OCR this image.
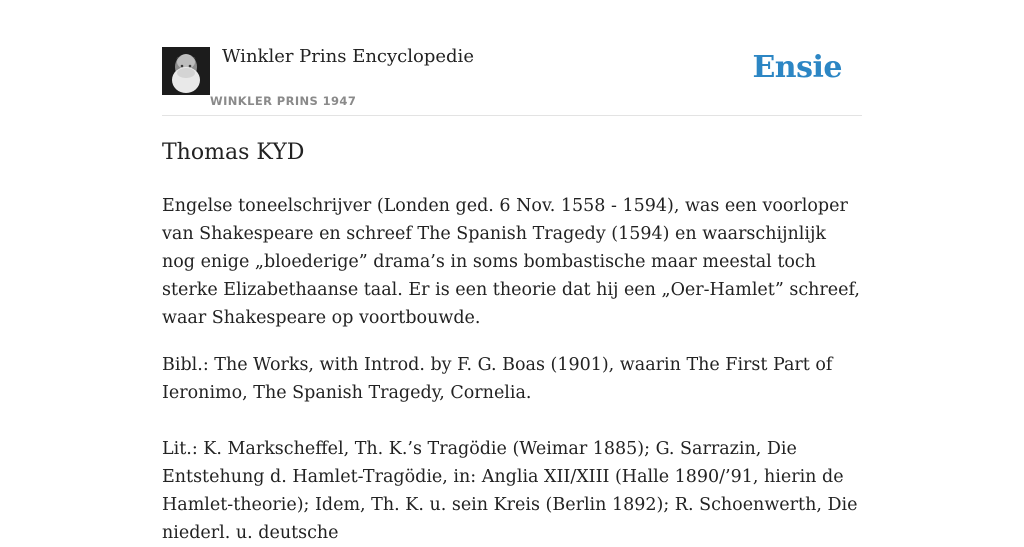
Winkler Prins Encyclopedie
WINKLER PRINS 1947
Ensie
Thomas KYD

Engelse toneelschrijver (Londen ged. 6 Nov. 1558 - 1594), was een voorloper van Shakespeare en schreef The Spanish Tragedy (1594) en waarschijnlijk nog enige „bloederige” drama’s in soms bombastische maar meestal toch sterke Elizabethaanse taal. Er is een theorie dat hij een „Oer-Hamlet” schreef, waar Shakespeare op voortbouwde.

Bibl.: The Works, with Introd. by F. G. Boas (1901), waarin The First Part of Ieronimo, The Spanish Tragedy, Cornelia.

Lit.: K. Markscheffel, Th. K.’s Tragödie (Weimar 1885); G. Sarrazin, Die Entstehung d. Hamlet-Tragödie, in: Anglia XII/XIII (Halle 1890/’91, hierin de Hamlet-theorie); Idem, Th. K. u. sein Kreis (Berlin 1892); R. Schoenwerth, Die niederl. u. deutsche
